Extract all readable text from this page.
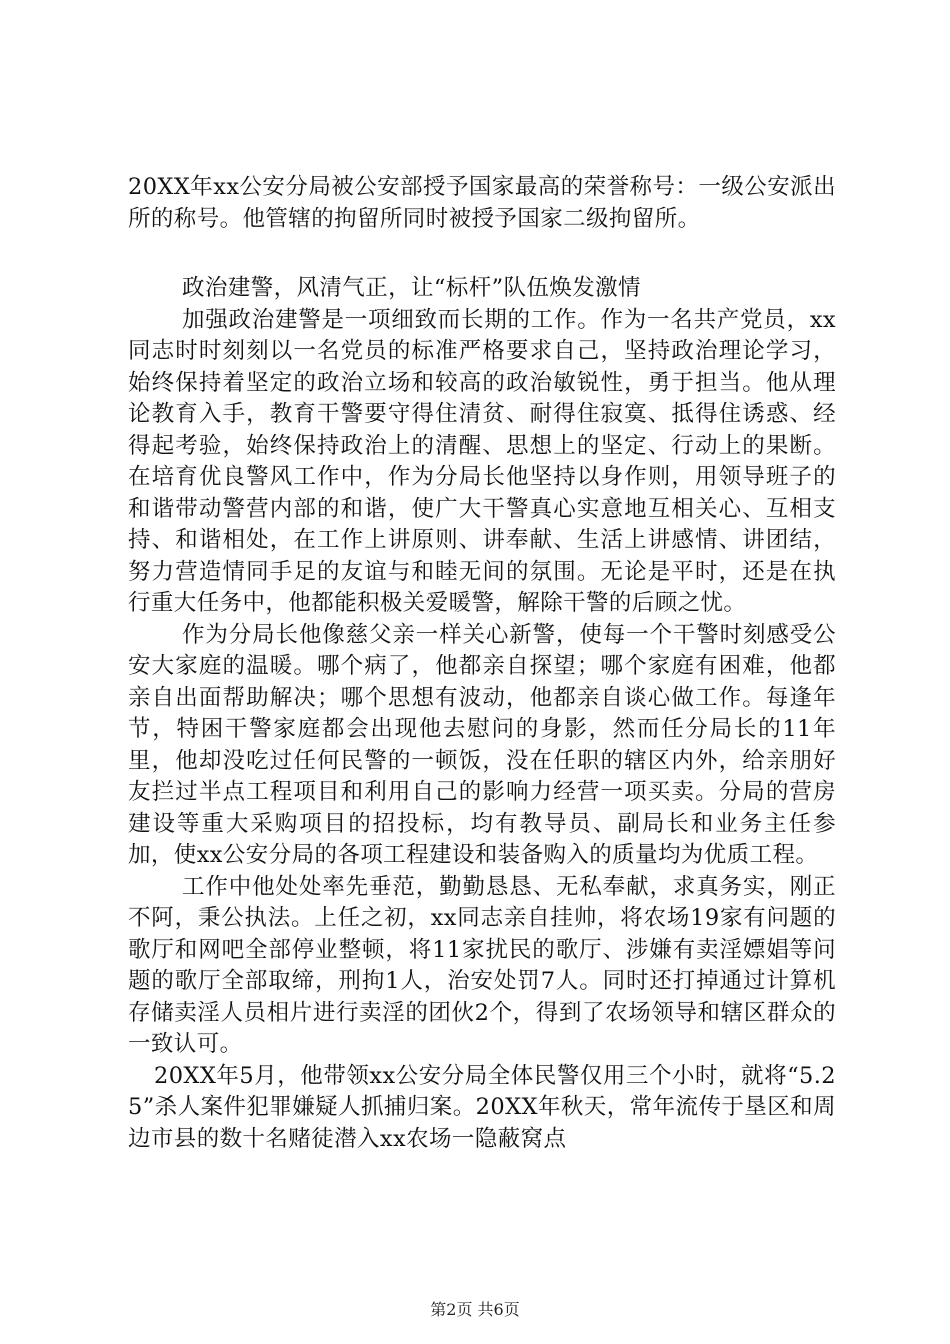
20XX年xx公安分局被公安部授予国家最高的荣誉称号：一级公安派出所的称号。他管辖的拘留所同时被授予国家二级拘留所。

政治建警，风清气正，让“标杆”队伍焕发激情

加强政治建警是一项细致而长期的工作。作为一名共产党员，xx同志时时刻刻以一名党员的标准严格要求自己，坚持政治理论学习，始终保持着坚定的政治立场和较高的政治敏锐性，勇于担当。他从理论教育入手，教育干警要守得住清贫、耐得住寂寞、抵得住诱惑、经得起考验，始终保持政治上的清醒、思想上的坚定、行动上的果断。在培育优良警风工作中，作为分局长他坚持以身作则，用领导班子的和谐带动警营内部的和谐，使广大干警真心实意地互相关心、互相支持、和谐相处，在工作上讲原则、讲奉献、生活上讲感情、讲团结，努力营造情同手足的友谊与和睦无间的氛围。无论是平时，还是在执行重大任务中，他都能积极关爱暖警，解除干警的后顾之忧。

作为分局长他像慈父亲一样关心新警，使每一个干警时刻感受公安大家庭的温暖。哪个病了，他都亲自探望；哪个家庭有困难，他都亲自出面帮助解决；哪个思想有波动，他都亲自谈心做工作。每逢年节，特困干警家庭都会出现他去慰问的身影，然而任分局长的11年里，他却没吃过任何民警的一顿饭，没在任职的辖区内外，给亲朋好友拦过半点工程项目和利用自己的影响力经营一项买卖。分局的营房建设等重大采购项目的招投标，均有教导员、副局长和业务主任参加，使xx公安分局的各项工程建设和装备购入的质量均为优质工程。

工作中他处处率先垂范，勤勤恳恳、无私奉献，求真务实，刚正不阿，秉公执法。上任之初，xx同志亲自挂帅，将农场19家有问题的歌厅和网吧全部停业整顿，将11家扰民的歌厅、涉嫌有卖淫嫖娼等问题的歌厅全部取缔，刑拘1人，治安处罚7人。同时还打掉通过计算机存储卖淫人员相片进行卖淫的团伙2个，得到了农场领导和辖区群众的一致认可。

20XX年5月，他带领xx公安分局全体民警仅用三个小时，就将“5.25”杀人案件犯罪嫌疑人抓捕归案。20XX年秋天，常年流传于垦区和周边市县的数十名赌徒潜入xx农场一隐蔽窝点

第2页 共6页
